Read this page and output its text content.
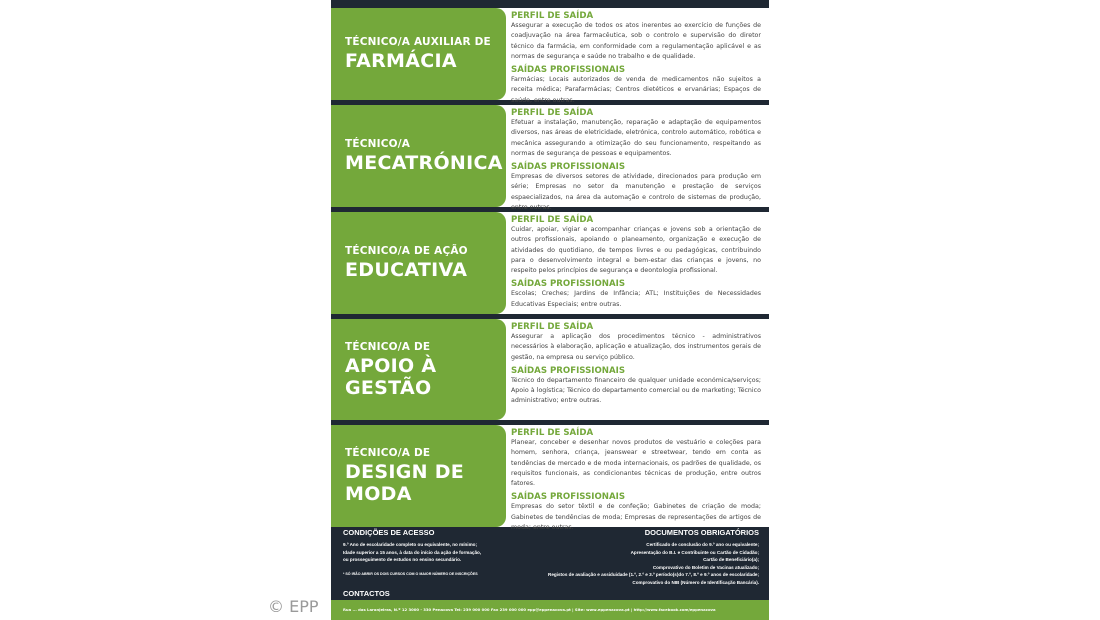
TÉCNICO/A AUXILIAR DE
FARMÁCIA
PERFIL DE SAÍDA
Assegurar a execução de todos os atos inerentes ao exercício de funções de coadjuvação na área farmacêutica, sob o controlo e supervisão do diretor técnico da farmácia, em conformidade com a regulamentação aplicável e as normas de segurança e saúde no trabalho e de qualidade.
SAÍDAS PROFISSIONAIS
Farmácias; Locais autorizados de venda de medicamentos não sujeitos a receita médica; Parafarmácias; Centros dietéticos e ervanárias; Espaços de saúde, entre outras.
TÉCNICO/A
MECATRÓNICA
PERFIL DE SAÍDA
Efetuar a instalação, manutenção, reparação e adaptação de equipamentos diversos, nas áreas de eletricidade, eletrónica, controlo automático, robótica e mecânica assegurando a otimização do seu funcionamento, respeitando as normas de segurança de pessoas e equipamentos.
SAÍDAS PROFISSIONAIS
Empresas de diversos setores de atividade, direcionados para produção em série; Empresas no setor da manutenção e prestação de serviços espaecializados, na área da automação e controlo de sistemas de produção, entre outras.
TÉCNICO/A DE AÇÃO
EDUCATIVA
PERFIL DE SAÍDA
Cuidar, apoiar, vigiar e acompanhar crianças e jovens sob a orientação de outros profissionais, apoiando o planeamento, organização e execução de atividades do quotidiano, de tempos livres e ou pedagógicas, contribuindo para o desenvolvimento integral e bem-estar das crianças e jovens, no respeito pelos princípios de segurança e deontologia profissional.
SAÍDAS PROFISSIONAIS
Escolas; Creches; Jardins de Infância; ATL; Instituições de Necessidades Educativas Especiais; entre outras.
TÉCNICO/A DE
APOIO À GESTÃO
PERFIL DE SAÍDA
Assegurar a aplicação dos procedimentos técnico - administrativos necessários à elaboração, aplicação e atualização, dos instrumentos gerais de gestão, na empresa ou serviço público.
SAÍDAS PROFISSIONAIS
Técnico do departamento financeiro de qualquer unidade económica/serviços; Apoio à logística; Técnico do departamento comercial ou de marketing; Técnico administrativo; entre outras.
TÉCNICO/A DE
DESIGN DE MODA
PERFIL DE SAÍDA
Planear, conceber e desenhar novos produtos de vestuário e coleções para homem, senhora, criança, jeanswear e streetwear, tendo em conta as tendências de mercado e de moda internacionais, os padrões de qualidade, os requisitos funcionais, as condicionantes técnicas de produção, entre outros fatores.
SAÍDAS PROFISSIONAIS
Empresas do setor têxtil e de confeção; Gabinetes de criação de moda; Gabinetes de tendências de moda; Empresas de representações de artigos de moda; entre outras.
CONDIÇÕES DE ACESSO
9.º Ano de escolaridade completo ou equivalente, no mínimo;
Idade superior a 15 anos, à data do início da ação de formação,
ou prosseguimento de estudos no ensino secundário.
* SÓ IRÃO ABRIR OS DOIS CURSOS COM O MAIOR NÚMERO DE INSCRIÇÕES
DOCUMENTOS OBRIGATÓRIOS
Certificado de conclusão do 9.º ano ou equivalente;
Apresentação do B.I. e Contribuinte ou Cartão de Cidadão;
Cartão de Beneficiário(a);
Comprovativo do Boletim de Vacinas atualizado;
Registos de avaliação e assiduidade (1.º, 2.º e 3.º período(s)do 7.º, 8.º e 9.º anos de escolaridade;
Comprovativo do NIB (Número de Identificação Bancária).
CONTACTOS
Rua ... das Laranjeiras, N.º 12 3000 - 330 Penacova Tel: 239 000 000 Fax 239 000 000 epp@eppenacova.pt | Site: www.eppenacova.pt | http://www.facebook.com/eppenacova
© EPP
